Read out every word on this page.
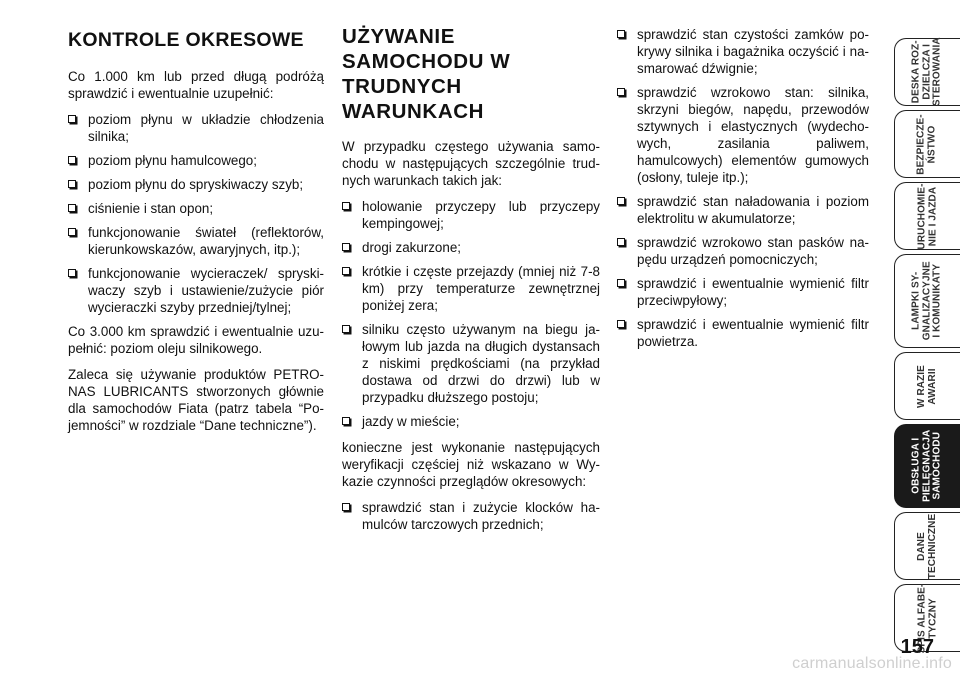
KONTROLE OKRESOWE

Co 1.000 km lub przed długą podróżą sprawdzić i ewentualnie uzupełnić:

poziom płynu w układzie chłodzenia silnika;
poziom płynu hamulcowego;
poziom płynu do spryskiwaczy szyb;
ciśnienie i stan opon;
funkcjonowanie świateł (reflektorów, kierunkowskazów, awaryjnych, itp.);
funkcjonowanie wycieraczek/ spryski-waczy szyb i ustawienie/zużycie piór wycieraczki szyby przedniej/tylnej;

Co 3.000 km sprawdzić i ewentualnie uzu-pełnić: poziom oleju silnikowego.

Zaleca się używanie produktów PETRO-NAS LUBRICANTS stworzonych głównie dla samochodów Fiata (patrz tabela “Po-jemności” w rozdziale “Dane techniczne”).

UŻYWANIE
SAMOCHODU W
TRUDNYCH
WARUNKACH

W przypadku częstego używania samo-chodu w następujących szczególnie trud-nych warunkach takich jak:

holowanie przyczepy lub przyczepy kempingowej;
drogi zakurzone;
krótkie i częste przejazdy (mniej niż 7-8 km) przy temperaturze zewnętrznej poniżej zera;
silniku często używanym na biegu ja-łowym lub jazda na długich dystansach z niskimi prędkościami (na przykład dostawa od drzwi do drzwi) lub w przypadku dłuższego postoju;
jazdy w mieście;

konieczne jest wykonanie następujących weryfikacji częściej niż wskazano w Wy-kazie czynności przeglądów okresowych:

sprawdzić stan i zużycie klocków ha-mulców tarczowych przednich;
sprawdzić stan czystości zamków po-krywy silnika i bagażnika oczyścić i na-smarować dźwignie;
sprawdzić wzrokowo stan: silnika, skrzyni biegów, napędu, przewodów sztywnych i elastycznych (wydecho-wych, zasilania paliwem, hamulcowych) elementów gumowych (osłony, tuleje itp.);
sprawdzić stan naładowania i poziom elektrolitu w akumulatorze;
sprawdzić wzrokowo stan pasków na-pędu urządzeń pomocniczych;
sprawdzić i ewentualnie wymienić filtr przeciwpyłowy;
sprawdzić i ewentualnie wymienić filtr powietrza.
DESKA ROZ-
DZIELCZA I
STEROWANIA
BEZPIECZE-
ŃSTWO
URUCHOMIE-
NIE I JAZDA
LAMPKI SY-
GNALIZACYJNE
I KOMUNIKATY
W RAZIE
AWARII
OBSŁUGA I
PIELĘGNACJA
SAMOCHODU
DANE
TECHNICZNE
SPIS ALFABE-
TYCZNY
157
carmanualsonline.info
